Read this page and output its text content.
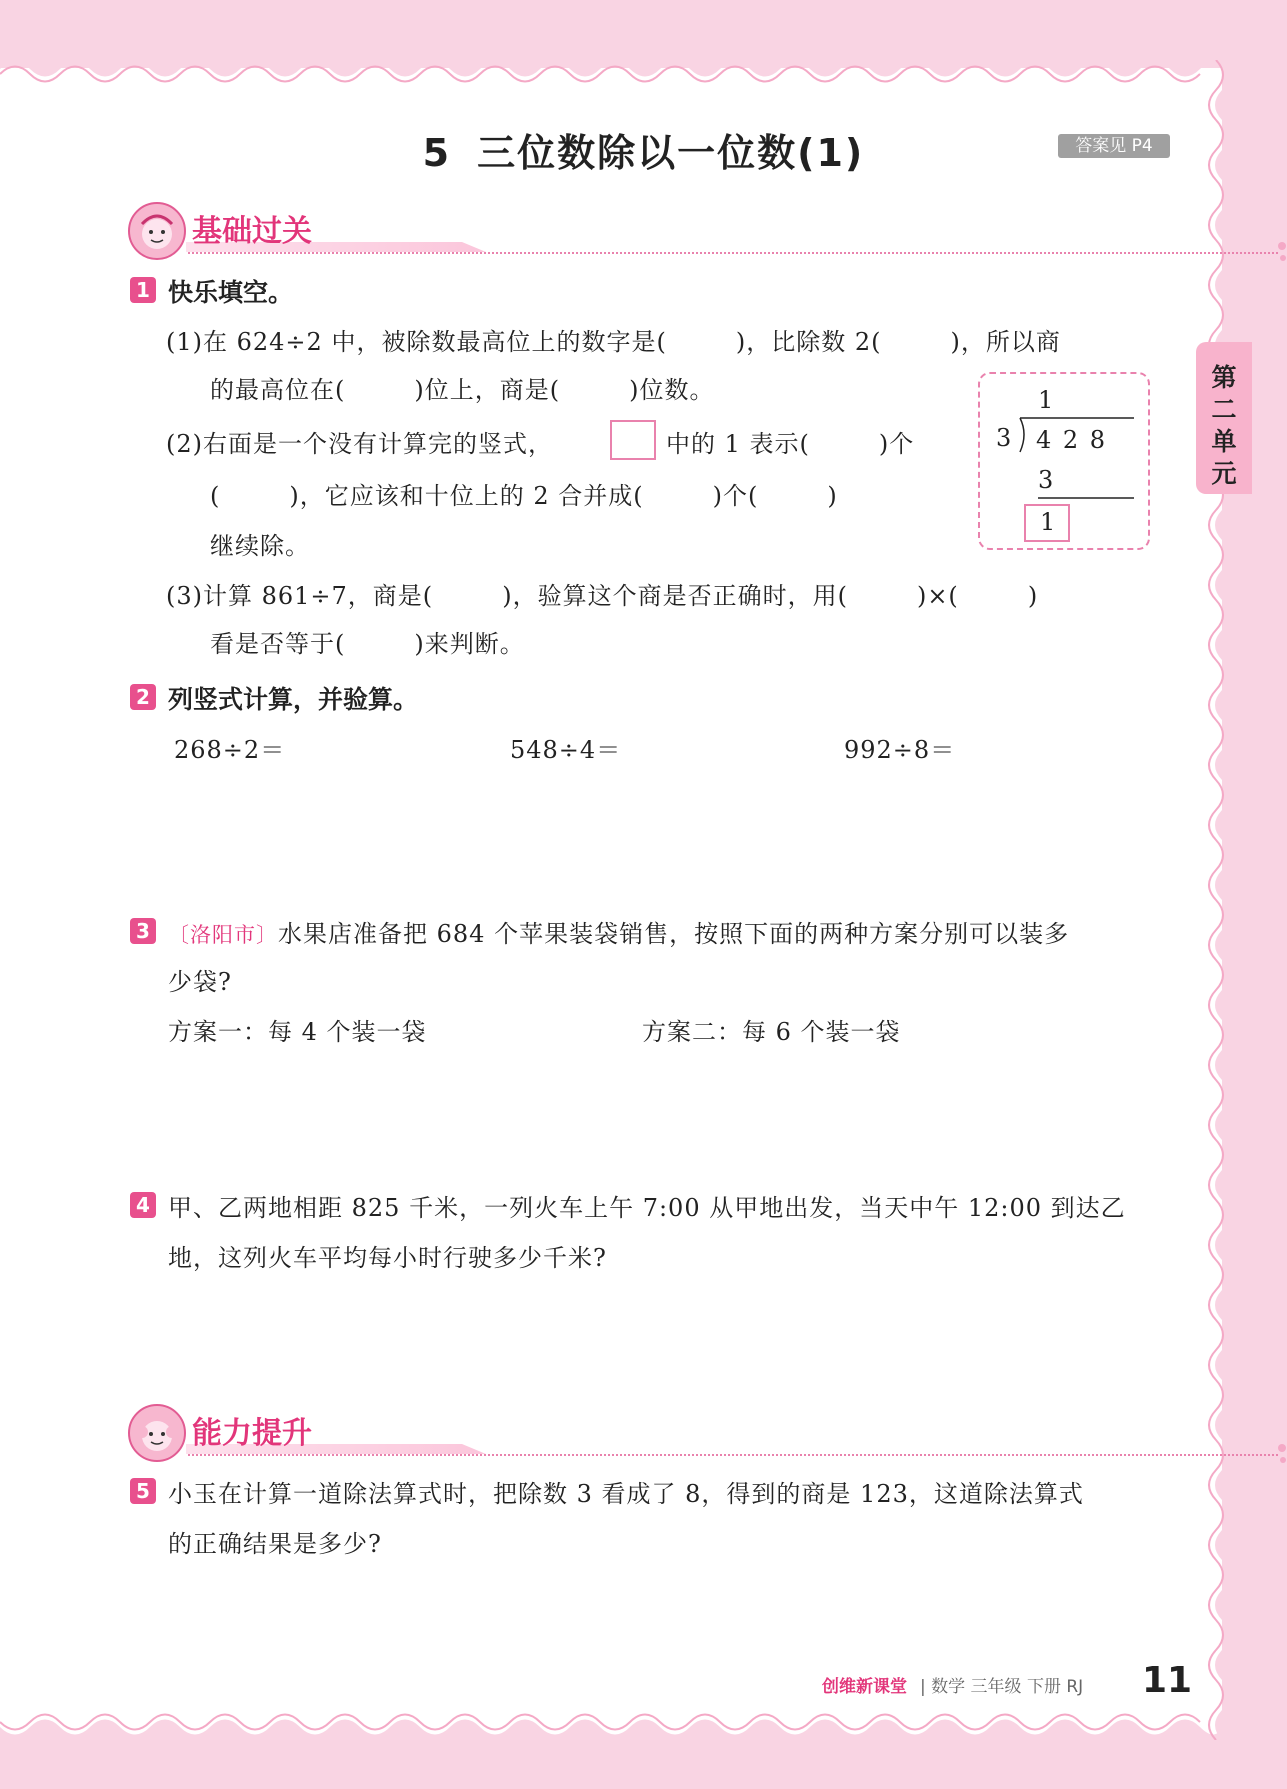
第二单元
5 三位数除以一位数(1)	答案见 P4
基础过关
1 快乐填空。
(1)在 624÷2 中，被除数最高位上的数字是(        )，比除数 2(        )，所以商
的最高位在(        )位上，商是(        )位数。
(2)右面是一个没有计算完的竖式，	中的 1 表示(        )个
(        )，它应该和十位上的 2 合并成(        )个(        )
继续除。
(3)计算 861÷7，商是(        )，验算这个商是否正确时，用(        )×(        )
看是否等于(        )来判断。
1
3 4 2 8
3
1
2 列竖式计算，并验算。
268÷2＝	548÷4＝	992÷8＝
3 〔洛阳市〕水果店准备把 684 个苹果装袋销售，按照下面的两种方案分别可以装多
少袋?
方案一：每 4 个装一袋	方案二：每 6 个装一袋
4 甲、乙两地相距 825 千米，一列火车上午 7:00 从甲地出发，当天中午 12:00 到达乙
地，这列火车平均每小时行驶多少千米?
能力提升
5 小玉在计算一道除法算式时，把除数 3 看成了 8，得到的商是 123，这道除法算式
的正确结果是多少?
创维新课堂 | 数学 三年级 下册 RJ 11
